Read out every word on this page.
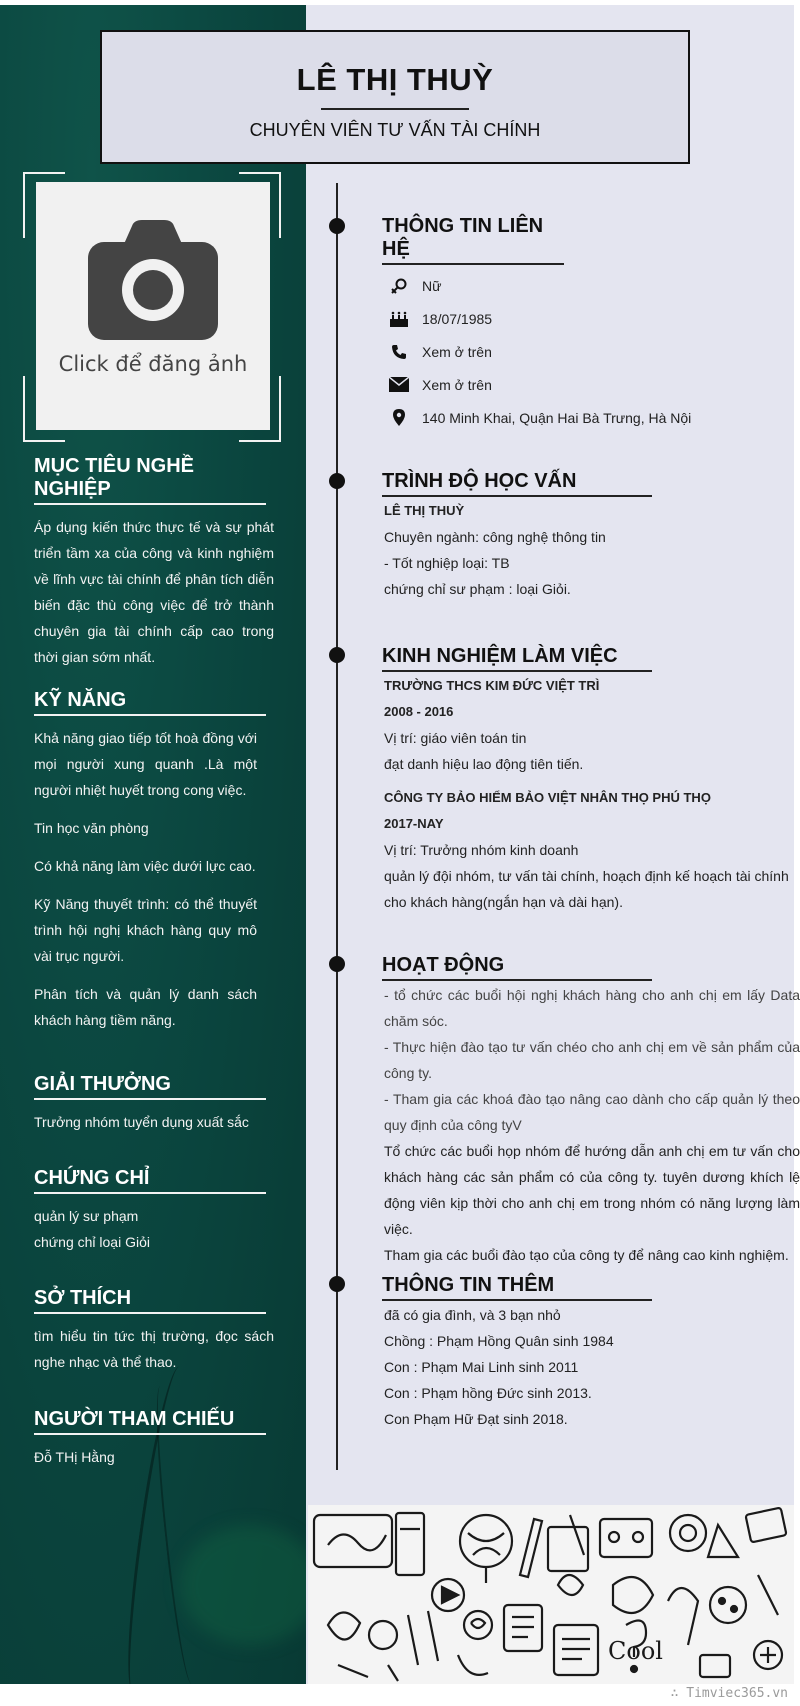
LÊ THỊ THUỲ
CHUYÊN VIÊN TƯ VẤN TÀI CHÍNH
Click để đăng ảnh
MỤC TIÊU NGHỀ NGHIỆP
Áp dụng kiến thức thực tế và sự phát triển tầm xa của công và kinh nghiệm về lĩnh vực tài chính để phân tích diễn biến đặc thù công việc để trở thành chuyên gia tài chính cấp cao trong thời gian sớm nhất.
KỸ NĂNG

Khả năng giao tiếp tốt hoà đồng với mọi người xung quanh .Là một người nhiệt huyết trong cong việc.

Tin học văn phòng

Có khả năng làm việc dưới lực cao.

Kỹ Năng thuyết trình: có thể thuyết trình hội nghị khách hàng quy mô vài trục người.

Phân tích và quản lý danh sách khách hàng tiềm năng.

GIẢI THƯỞNG

Trưởng nhóm tuyển dụng xuất sắc

CHỨNG CHỈ

quản lý sư phạm

chứng chỉ loại Giỏi

SỞ THÍCH
tìm hiểu tin tức thị trường, đọc sách nghe nhạc và thể thao.
NGƯỜI THAM CHIẾU

Đỗ THị Hằng

THÔNG TIN LIÊN HỆ
Nữ
18/07/1985
Xem ở trên
Xem ở trên
140 Minh Khai, Quận Hai Bà Trưng, Hà Nội
TRÌNH ĐỘ HỌC VẤN

LÊ THỊ THUỲ

Chuyên ngành: công nghệ thông tin

- Tốt nghiệp loại: TB

chứng chỉ sư phạm : loại Giỏi.

KINH NGHIỆM LÀM VIỆC

TRƯỜNG THCS KIM ĐỨC VIỆT TRÌ

2008 - 2016

Vị trí: giáo viên toán tin

đạt danh hiệu lao động tiên tiến.

CÔNG TY BẢO HIỂM BẢO VIỆT NHÂN THỌ PHÚ THỌ

2017-NAY

Vị trí: Trưởng nhóm kinh doanh

quản lý đội nhóm, tư vấn tài chính, hoạch định kế hoạch tài chính cho khách hàng(ngắn hạn và dài hạn).

HOẠT ĐỘNG

- tổ chức các buổi hội nghị khách hàng cho anh chị em lấy Data chăm sóc.

- Thực hiện đào tạo tư vấn chéo cho anh chị em về sản phẩm của công ty.

- Tham gia các khoá đào tạo nâng cao dành cho cấp quản lý theo quy định của công tyV

Tổ chức các buổi họp nhóm để hướng dẫn anh chị em tư vấn cho khách hàng các sản phẩm có của công ty. tuyên dương khích lệ động viên kịp thời cho anh chị em trong nhóm có năng lượng làm việc.

Tham gia các buổi đào tạo của công ty để nâng cao kinh nghiệm.

THÔNG TIN THÊM

đã có gia đình, và 3 bạn nhỏ

Chồng : Phạm Hồng Quân sinh 1984

Con : Phạm Mai Linh sinh 2011

Con : Phạm hồng Đức sinh 2013.

Con Phạm Hữ Đạt sinh 2018.

Cool
∴ Timviec365.vn
